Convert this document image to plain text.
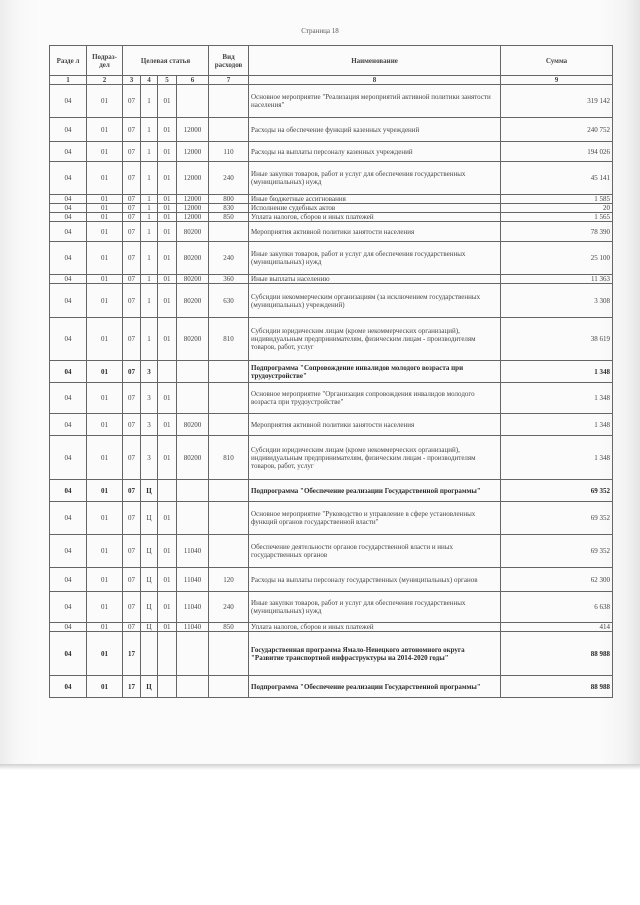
Страница 18
Разде л	Подраз- дел	Целевая статья				Вид расходов	Наименование	Сумма
1	2	3	4	5	6	7	8	9
04	01	07	1	01			Основное мероприятие "Реализация мероприятий активной политики занятости населения"	319 142
04	01	07	1	01	12000		Расходы на обеспечение функций казенных учреждений	240 752
04	01	07	1	01	12000	110	Расходы на выплаты персоналу казенных учреждений	194 026
04	01	07	1	01	12000	240	Иные закупки товаров, работ и услуг для обеспечения государственных (муниципальных) нужд	45 141
04	01	07	1	01	12000	800	Иные бюджетные ассигнования	1 585
04	01	07	1	01	12000	830	Исполнение судебных актов	20
04	01	07	1	01	12000	850	Уплата налогов, сборов и иных платежей	1 565
04	01	07	1	01	80200		Мероприятия активной политики занятости населения	78 390
04	01	07	1	01	80200	240	Иные закупки товаров, работ и услуг для обеспечения государственных (муниципальных) нужд	25 100
04	01	07	1	01	80200	360	Иные выплаты населению	11 363
04	01	07	1	01	80200	630	Субсидии некоммерческим организациям (за исключением государственных (муниципальных) учреждений)	3 308
04	01	07	1	01	80200	810	Субсидии юридическим лицам (кроме некоммерческих организаций), индивидуальным предпринимателям, физическим лицам - производителям товаров, работ, услуг	38 619
04	01	07	3				Подпрограмма "Сопровождение инвалидов молодого возраста при трудоустройстве"	1 348
04	01	07	3	01			Основное мероприятие "Организация сопровождения инвалидов молодого возраста при трудоустройстве"	1 348
04	01	07	3	01	80200		Мероприятия активной политики занятости населения	1 348
04	01	07	3	01	80200	810	Субсидии юридическим лицам (кроме некоммерческих организаций), индивидуальным предпринимателям, физическим лицам - производителям товаров, работ, услуг	1 348
04	01	07	Ц				Подпрограмма "Обеспечение реализации Государственной программы"	69 352
04	01	07	Ц	01			Основное мероприятие "Руководство и управление в сфере установленных функций органов государственной власти"	69 352
04	01	07	Ц	01	11040		Обеспечение деятельности органов государственной власти и иных государственных органов	69 352
04	01	07	Ц	01	11040	120	Расходы на выплаты персоналу государственных (муниципальных) органов	62 300
04	01	07	Ц	01	11040	240	Иные закупки товаров, работ и услуг для обеспечения государственных (муниципальных) нужд	6 638
04	01	07	Ц	01	11040	850	Уплата налогов, сборов и иных платежей	414
04	01	17					Государственная программа Ямало-Ненецкого автономного округа "Развитие транспортной инфраструктуры на 2014-2020 годы"	88 988
04	01	17	Ц				Подпрограмма "Обеспечение реализации Государственной программы"	88 988
